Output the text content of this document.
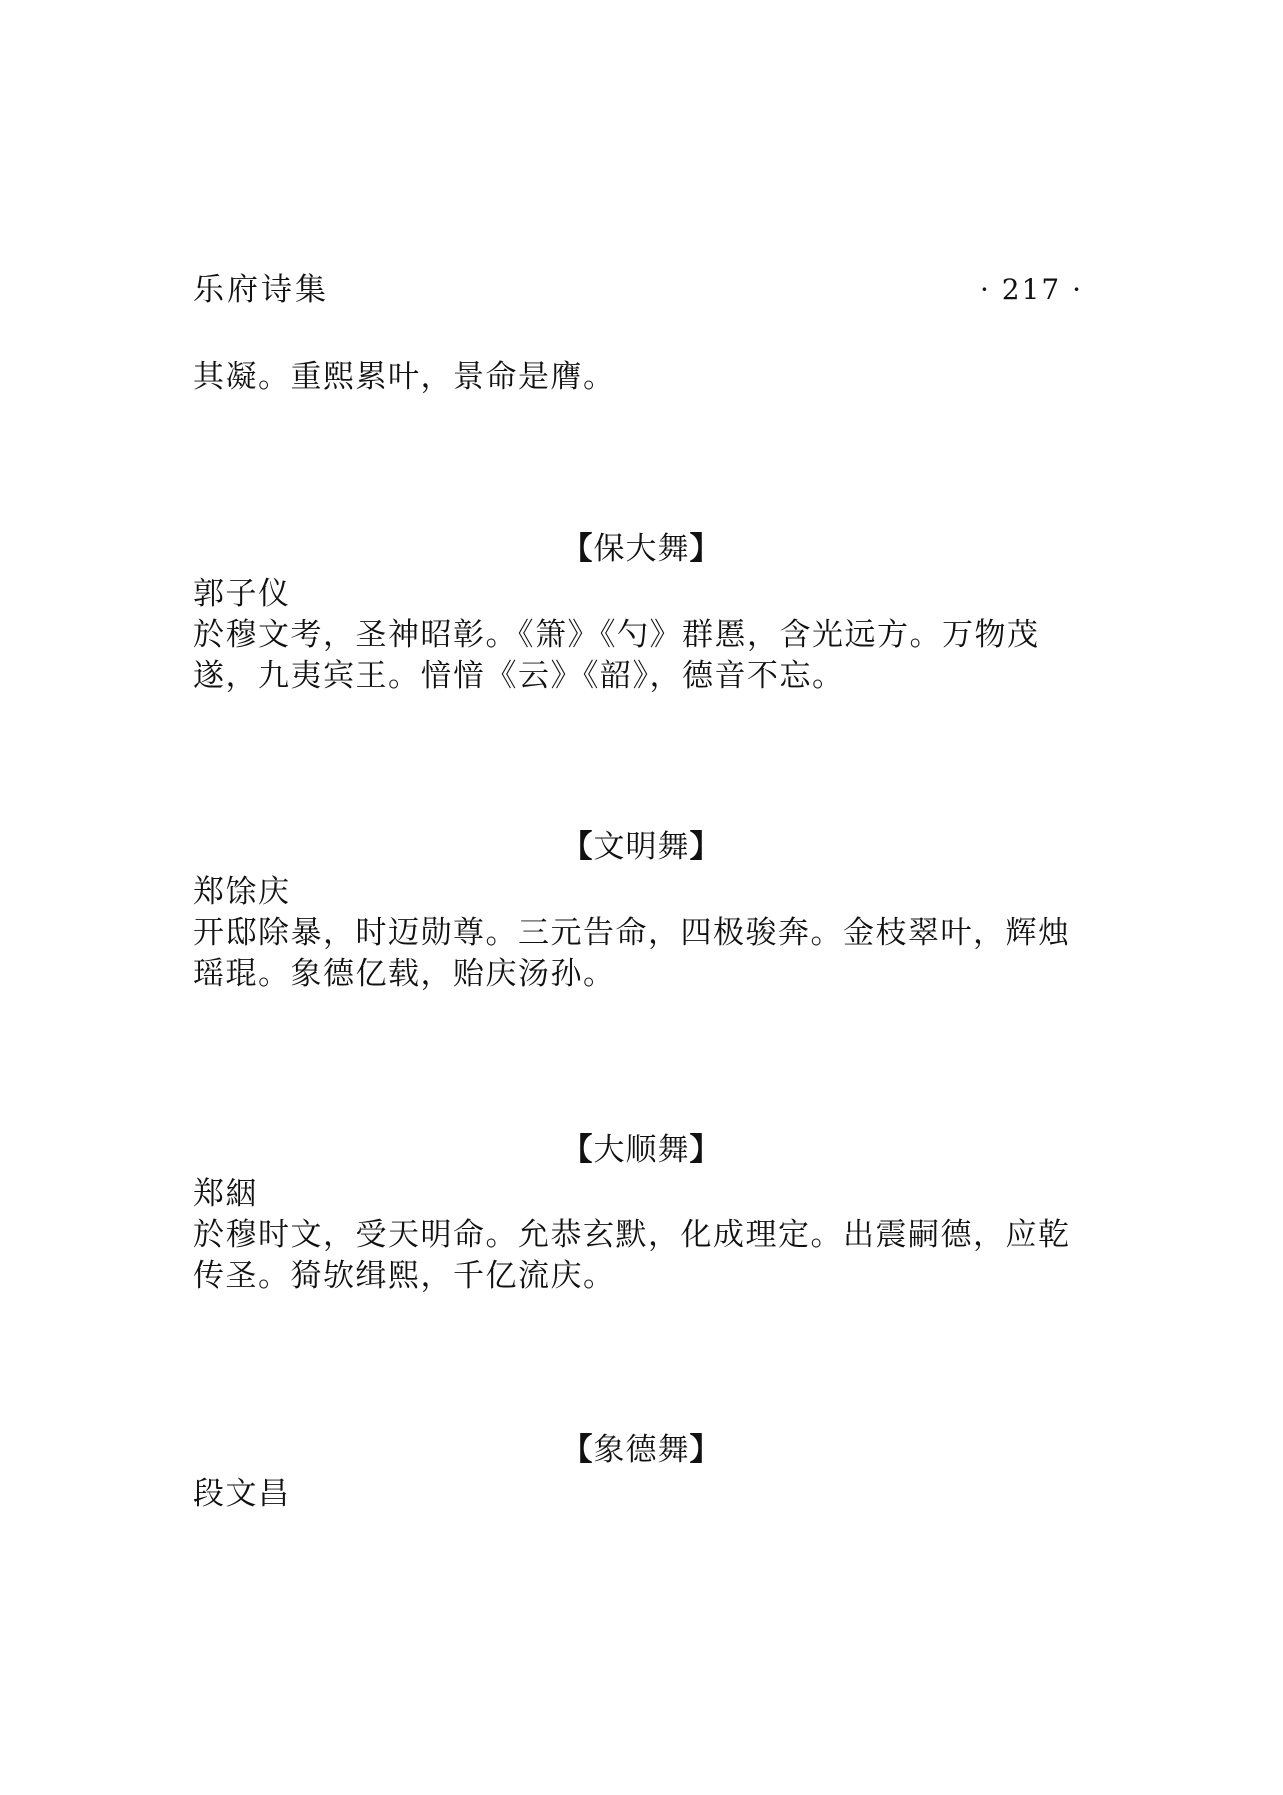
乐府诗集	· 217 ·
其凝。重熙累叶，景命是膺。
【保大舞】
郭子仪
於穆文考，圣神昭彰。《箫》《勺》群慝，含光远方。万物茂
遂，九夷宾王。愔愔《云》《韶》，德音不忘。
【文明舞】
郑馀庆
开邸除暴，时迈勋尊。三元告命，四极骏奔。金枝翠叶，辉烛
瑶琨。象德亿载，贻庆汤孙。
【大顺舞】
郑絪
於穆时文，受天明命。允恭玄默，化成理定。出震嗣德，应乾
传圣。猗欤缉熙，千亿流庆。
【象德舞】
段文昌
